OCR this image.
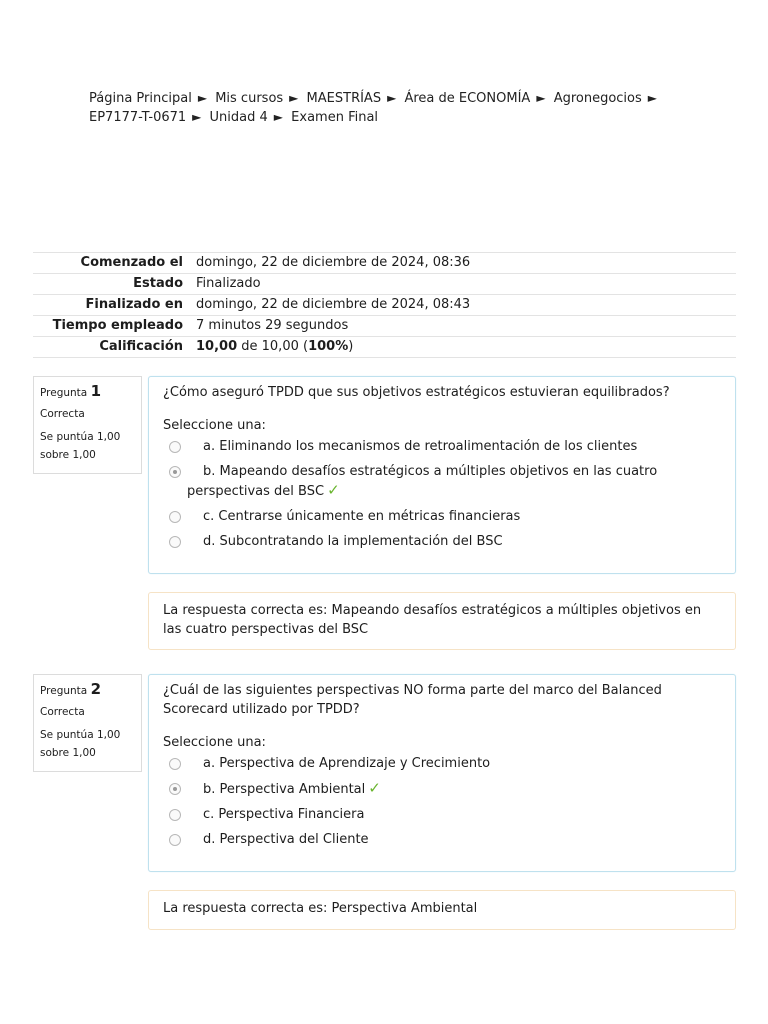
Página Principal ► Mis cursos ► MAESTRÍAS ► Área de ECONOMÍA ► Agronegocios ►
EP7177-T-0671 ► Unidad 4 ► Examen Final
Comenzado el	domingo, 22 de diciembre de 2024, 08:36
Estado	Finalizado
Finalizado en	domingo, 22 de diciembre de 2024, 08:43
Tiempo empleado	7 minutos 29 segundos
Calificación	10,00 de 10,00 (100%)
Pregunta 1
Correcta
Se puntúa 1,00 sobre 1,00
¿Cómo aseguró TPDD que sus objetivos estratégicos estuvieran equilibrados?
Seleccione una:
a. Eliminando los mecanismos de retroalimentación de los clientes
b. Mapeando desafíos estratégicos a múltiples objetivos en las cuatro
perspectivas del BSC ✓
c. Centrarse únicamente en métricas financieras
d. Subcontratando la implementación del BSC
La respuesta correcta es: Mapeando desafíos estratégicos a múltiples objetivos en las cuatro perspectivas del BSC
Pregunta 2
Correcta
Se puntúa 1,00 sobre 1,00
¿Cuál de las siguientes perspectivas NO forma parte del marco del Balanced Scorecard utilizado por TPDD?
Seleccione una:
a. Perspectiva de Aprendizaje y Crecimiento
b. Perspectiva Ambiental ✓
c. Perspectiva Financiera
d. Perspectiva del Cliente
La respuesta correcta es: Perspectiva Ambiental
